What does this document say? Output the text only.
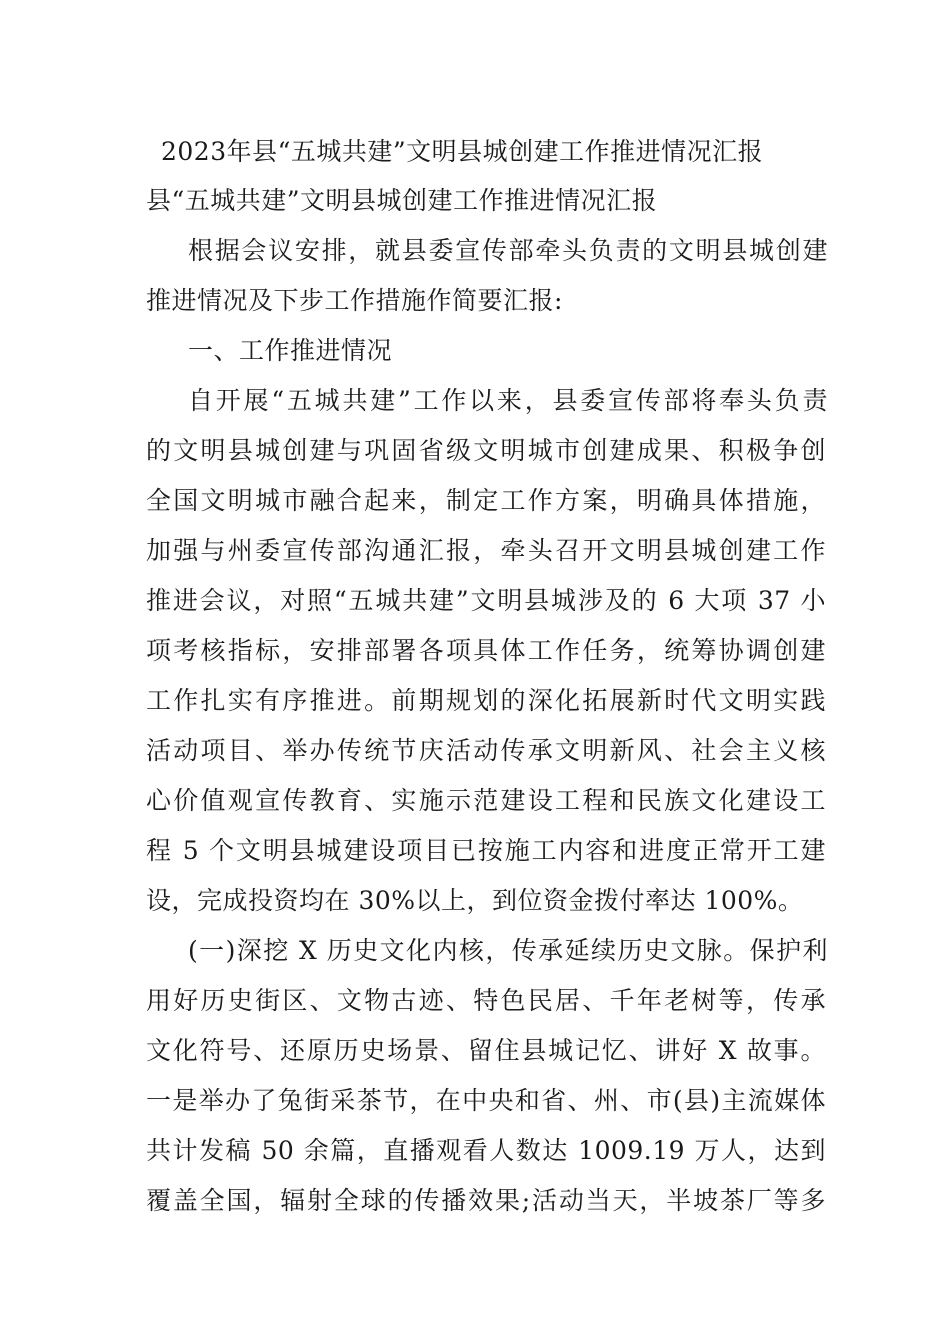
2023年县“五城共建”文明县城创建工作推进情况汇报
县“五城共建”文明县城创建工作推进情况汇报
根据会议安排，就县委宣传部牵头负责的文明县城创建
推进情况及下步工作措施作简要汇报:
一、工作推进情况
自开展“五城共建”工作以来，县委宣传部将奉头负责
的文明县城创建与巩固省级文明城市创建成果、积极争创
全国文明城市融合起来，制定工作方案，明确具体措施，
加强与州委宣传部沟通汇报，牵头召开文明县城创建工作
推进会议，对照“五城共建”文明县城涉及的 6 大项 37 小
项考核指标，安排部署各项具体工作任务，统筹协调创建
工作扎实有序推进。前期规划的深化拓展新时代文明实践
活动项目、举办传统节庆活动传承文明新风、社会主义核
心价值观宣传教育、实施示范建设工程和民族文化建设工
程 5 个文明县城建设项目已按施工内容和进度正常开工建
设，完成投资均在 30%以上，到位资金拨付率达 100%。
(一)深挖 X 历史文化内核，传承延续历史文脉。保护利
用好历史街区、文物古迹、特色民居、千年老树等，传承
文化符号、还原历史场景、留住县城记忆、讲好 X 故事。
一是举办了兔街采茶节，在中央和省、州、市(县)主流媒体
共计发稿 50 余篇，直播观看人数达 1009.19 万人，达到
覆盖全国，辐射全球的传播效果;活动当天，半坡茶厂等多
